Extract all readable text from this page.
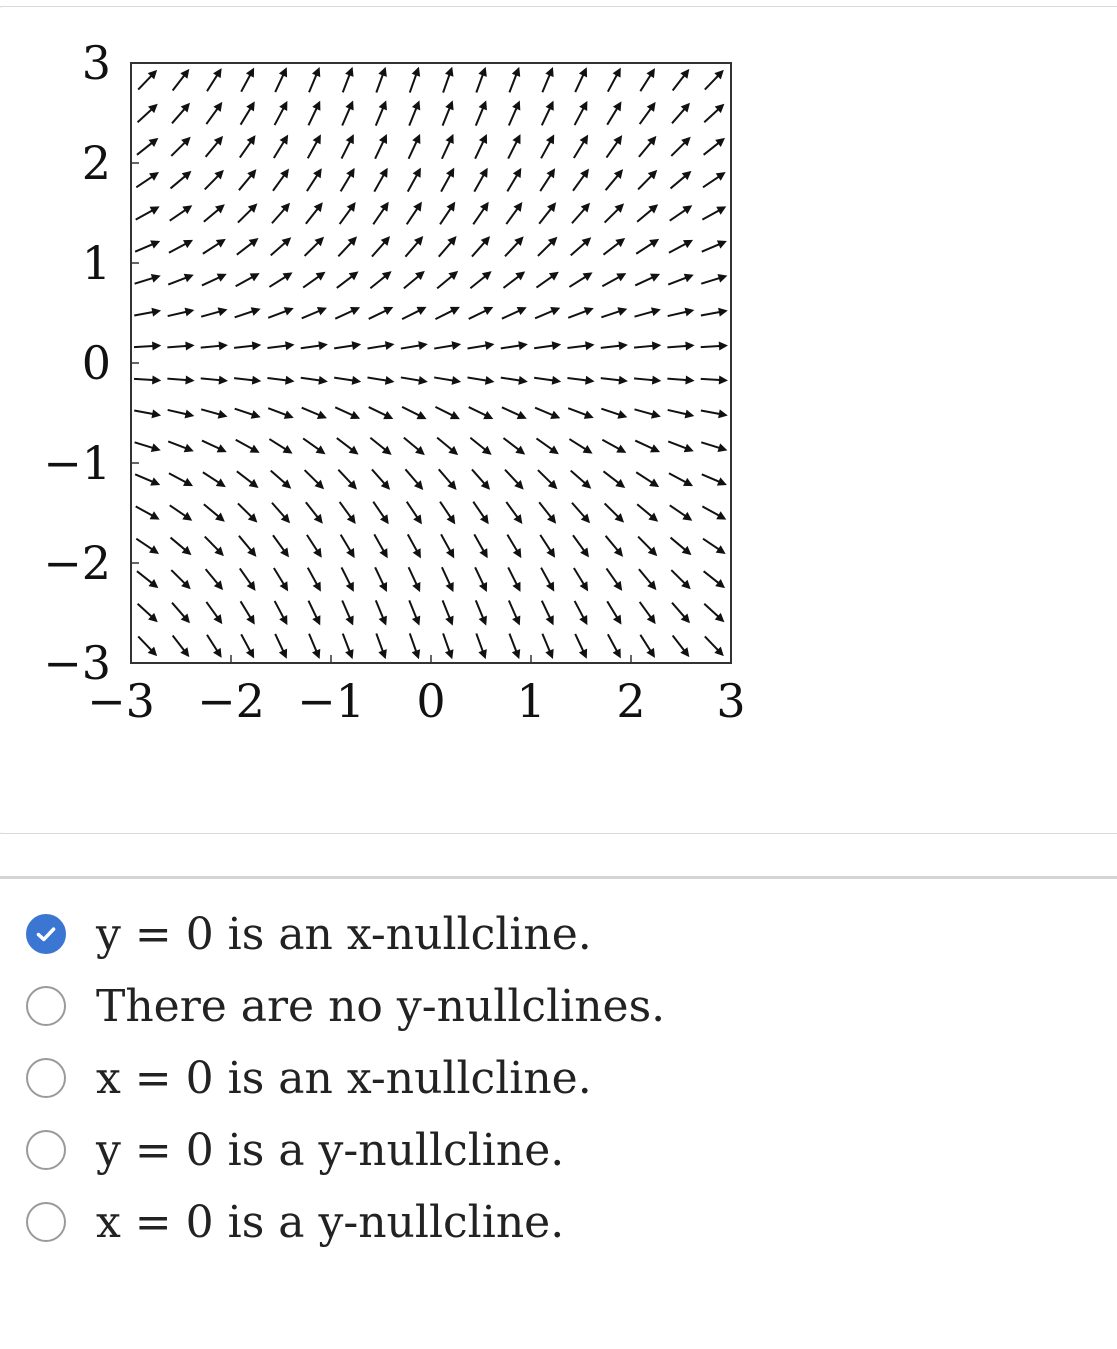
3
2
1
0
−1
−2
−3
−3 −2 −1 0 1 2 3
y = 0 is an x-nullcline.
There are no y-nullclines.
x = 0 is an x-nullcline.
y = 0 is a y-nullcline.
x = 0 is a y-nullcline.
